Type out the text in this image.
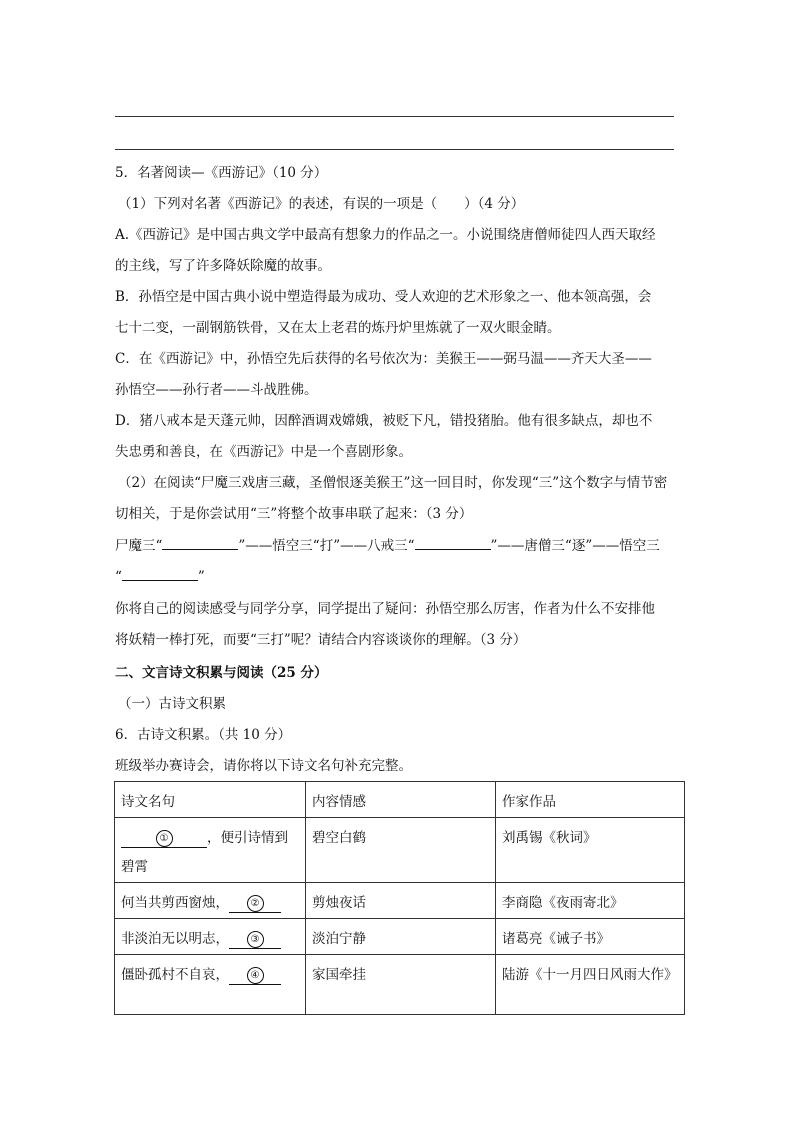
5．名著阅读—《西游记》（10 分）
（1）下列对名著《西游记》的表述，有误的一项是（　　）（4 分）
A.《西游记》是中国古典文学中最高有想象力的作品之一。小说围绕唐僧师徒四人西天取经
的主线，写了许多降妖除魔的故事。
B．孙悟空是中国古典小说中塑造得最为成功、受人欢迎的艺术形象之一、他本领高强，会
七十二变，一副钢筋铁骨，又在太上老君的炼丹炉里炼就了一双火眼金睛。
C．在《西游记》中，孙悟空先后获得的名号依次为：美猴王——弼马温——齐天大圣——
孙悟空——孙行者——斗战胜佛。
D．猪八戒本是天蓬元帅，因醉酒调戏嫦娥，被贬下凡，错投猪胎。他有很多缺点，却也不
失忠勇和善良，在《西游记》中是一个喜剧形象。
（2）在阅读“尸魔三戏唐三藏，圣僧恨逐美猴王”这一回目时，你发现“三”这个数字与情节密
切相关，于是你尝试用“三”将整个故事串联了起来：（3 分）
尸魔三“	”——悟空三“打”——八戒三“	”——唐僧三“逐”——悟空三
“	”
你将自己的阅读感受与同学分享，同学提出了疑问：孙悟空那么厉害，作者为什么不安排他
将妖精一棒打死，而要“三打”呢？请结合内容谈谈你的理解。（3 分）
二、文言诗文积累与阅读（25 分）
（一）古诗文积累
6．古诗文积累。（共 10 分）
班级举办赛诗会，请你将以下诗文名句补充完整。
诗文名句	内容情感	作家作品
① ，便引诗情到
碧霄	碧空白鹤	刘禹锡《秋词》
何当共剪西窗烛， ②	剪烛夜话	李商隐《夜雨寄北》
非淡泊无以明志， ③	淡泊宁静	诸葛亮《诫子书》
僵卧孤村不自哀， ④	家国牵挂	陆游《十一月四日风雨大作》
